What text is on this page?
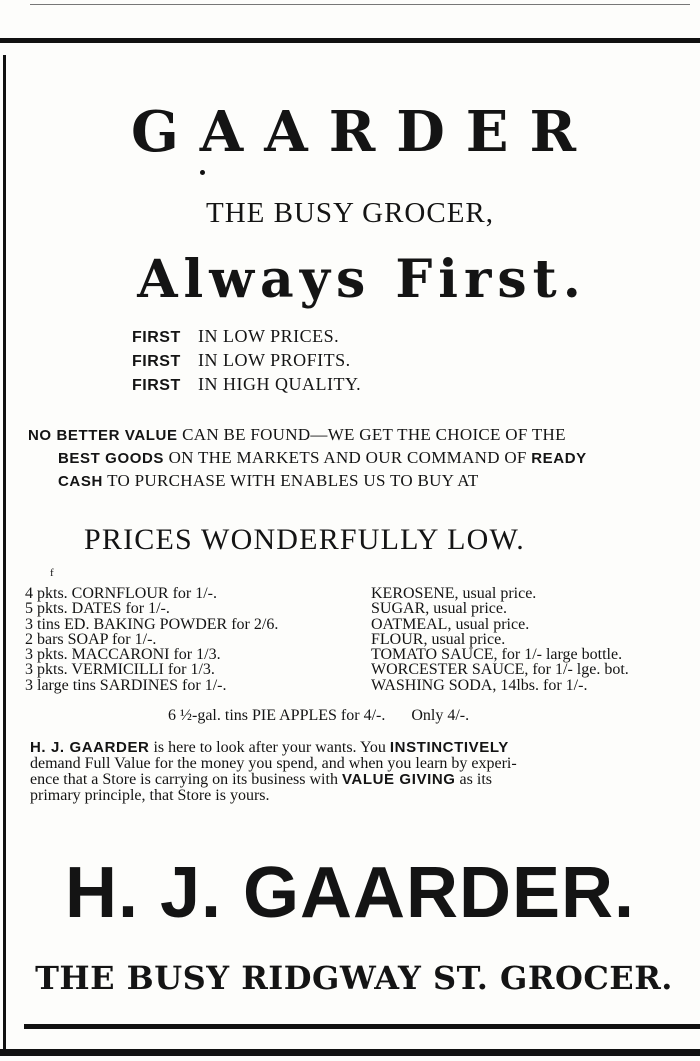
GAARDER
THE BUSY GROCER,
Always First.
FIRST IN LOW PRICES.
FIRST IN LOW PROFITS.
FIRST IN HIGH QUALITY.
NO BETTER VALUE CAN BE FOUND—WE GET THE CHOICE OF THE
BEST GOODS ON THE MARKETS AND OUR COMMAND OF READY
CASH TO PURCHASE WITH ENABLES US TO BUY AT
PRICES WONDERFULLY LOW.
f
4 pkts. CORNFLOUR for 1/-.
5 pkts. DATES for 1/-.
3 tins ED. BAKING POWDER for 2/6.
2 bars SOAP for 1/-.
3 pkts. MACCARONI for 1/3.
3 pkts. VERMICILLI for 1/3.
3 large tins SARDINES for 1/-.
KEROSENE, usual price.
SUGAR, usual price.
OATMEAL, usual price.
FLOUR, usual price.
TOMATO SAUCE, for 1/- large bottle.
WORCESTER SAUCE, for 1/- lge. bot.
WASHING SODA, 14lbs. for 1/-.
6 ½-gal. tins PIE APPLES for 4/-. Only 4/-.
H. J. GAARDER is here to look after your wants. You INSTINCTIVELY
demand Full Value for the money you spend, and when you learn by experi-
ence that a Store is carrying on its business with VALUE GIVING as its
primary principle, that Store is yours.
H. J. GAARDER.
THE BUSY RIDGWAY ST. GROCER.
